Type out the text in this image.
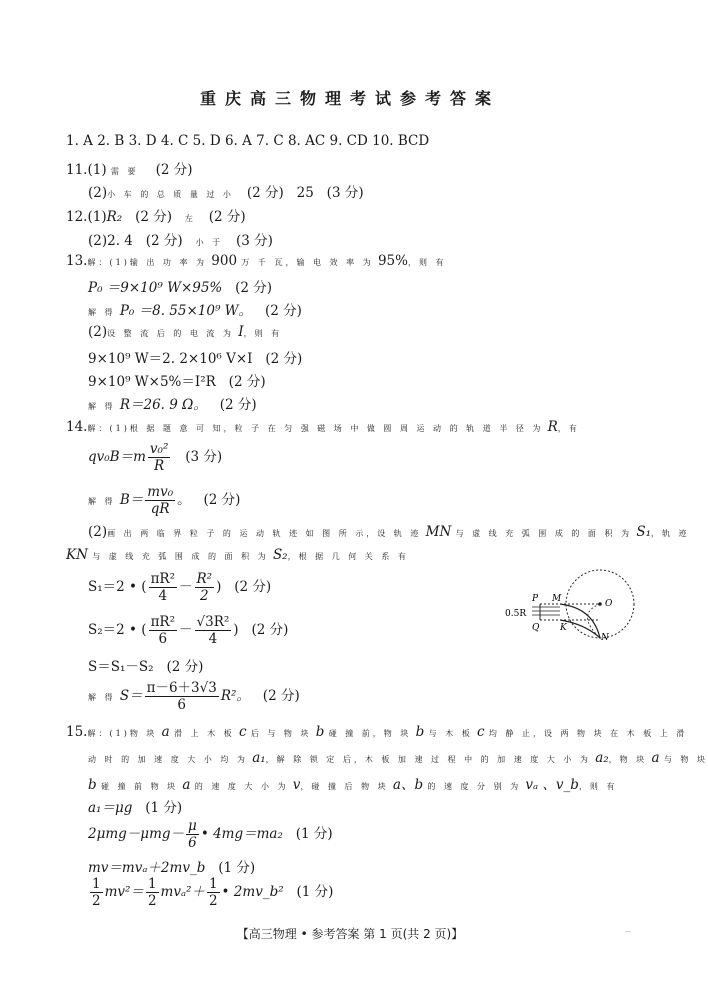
重庆高三物理考试参考答案
1. A 2. B 3. D 4. C 5. D 6. A 7. C 8. AC 9. CD 10. BCD
11.(1) 需 要 (2 分)
(2)小 车 的 总 质 量 过 小 (2 分) 25 (3 分)
12.(1)R₂ (2 分) 左 (2 分)
(2)2. 4 (2 分) 小 于 (3 分)
13.解：(1)输 出 功 率 为 900 万 千 瓦，输 电 效 率 为 95%，则 有
P₀ ＝9×10⁹ W×95% (2 分)
解 得 P₀ ＝8. 55×10⁹ W。 (2 分)
(2)设 整 流 后 的 电 流 为 I，则 有
9×10⁹ W＝2. 2×10⁶ V×I (2 分)
9×10⁹ W×5%＝I²R (2 分)
解 得 R＝26. 9 Ω。 (2 分)
14.解：(1)根 据 题 意 可 知，粒 子 在 匀 强 磁 场 中 做 圆 周 运 动 的 轨 道 半 径 为 R，有
$qv_0B=m \frac{\text{v₀²}}{R} (3$ 分)
解 得 $B= \frac{\text{mv₀}}{qR}$ 。 (2 分)
(2)画 出 两 临 界 粒 子 的 运 动 轨 迹 如 图 所 示，设 轨 迹 MN 与 虚 线 充 弧 围 成 的 面 积 为 S₁，轨 迹
KN 与 虚 线 充 弧 围 成 的 面 积 为 S₂，根 据 几 何 关 系 有
S₁＝2 • ( $\frac{\text{πR²}}{4} - \frac{\text{R²}}{2}$ ) (2 分)
S₂＝2 • ( $\frac{\text{πR²}}{6} - \frac{\text{√3R²}}{4}$ ) (2 分)
S＝S₁－S₂ (2 分)
解 得 $S= \frac{\pi-6+3√3}{6} R^2$。 (2 分)
P M	O
Q K
N
0.5R
15.解：(1)物 块 a 滑 上 木 板 c 后 与 物 块 b 碰 撞 前，物 块 b 与 木 板 c 均 静 止，设 两 物 块 在 木 板 上 滑
动 时 的 加 速 度 大 小 均 为 a₁，解 除 锁 定 后，木 板 加 速 过 程 中 的 加 速 度 大 小 为 a₂，物 块 a 与 物 块
b 碰 撞 前 物 块 a 的 速 度 大 小 为 v，碰 撞 后 物 块 a、b 的 速 度 分 别 为 vₐ 、v_b，则 有
a₁＝μg (1 分)
$2\mu mg-\mu mg- \frac{\mu}{6}$ • 4mg＝ma₂ (1 分)
mv＝mvₐ＋2mv_b (1 分)
$\frac{1}{2} mv^2= \frac{1}{2} mv_a^2+ \frac{1}{2}$ • 2mv_b² (1 分)
【高三物理 • 参考答案 第 1 页(共 2 页)】	—
